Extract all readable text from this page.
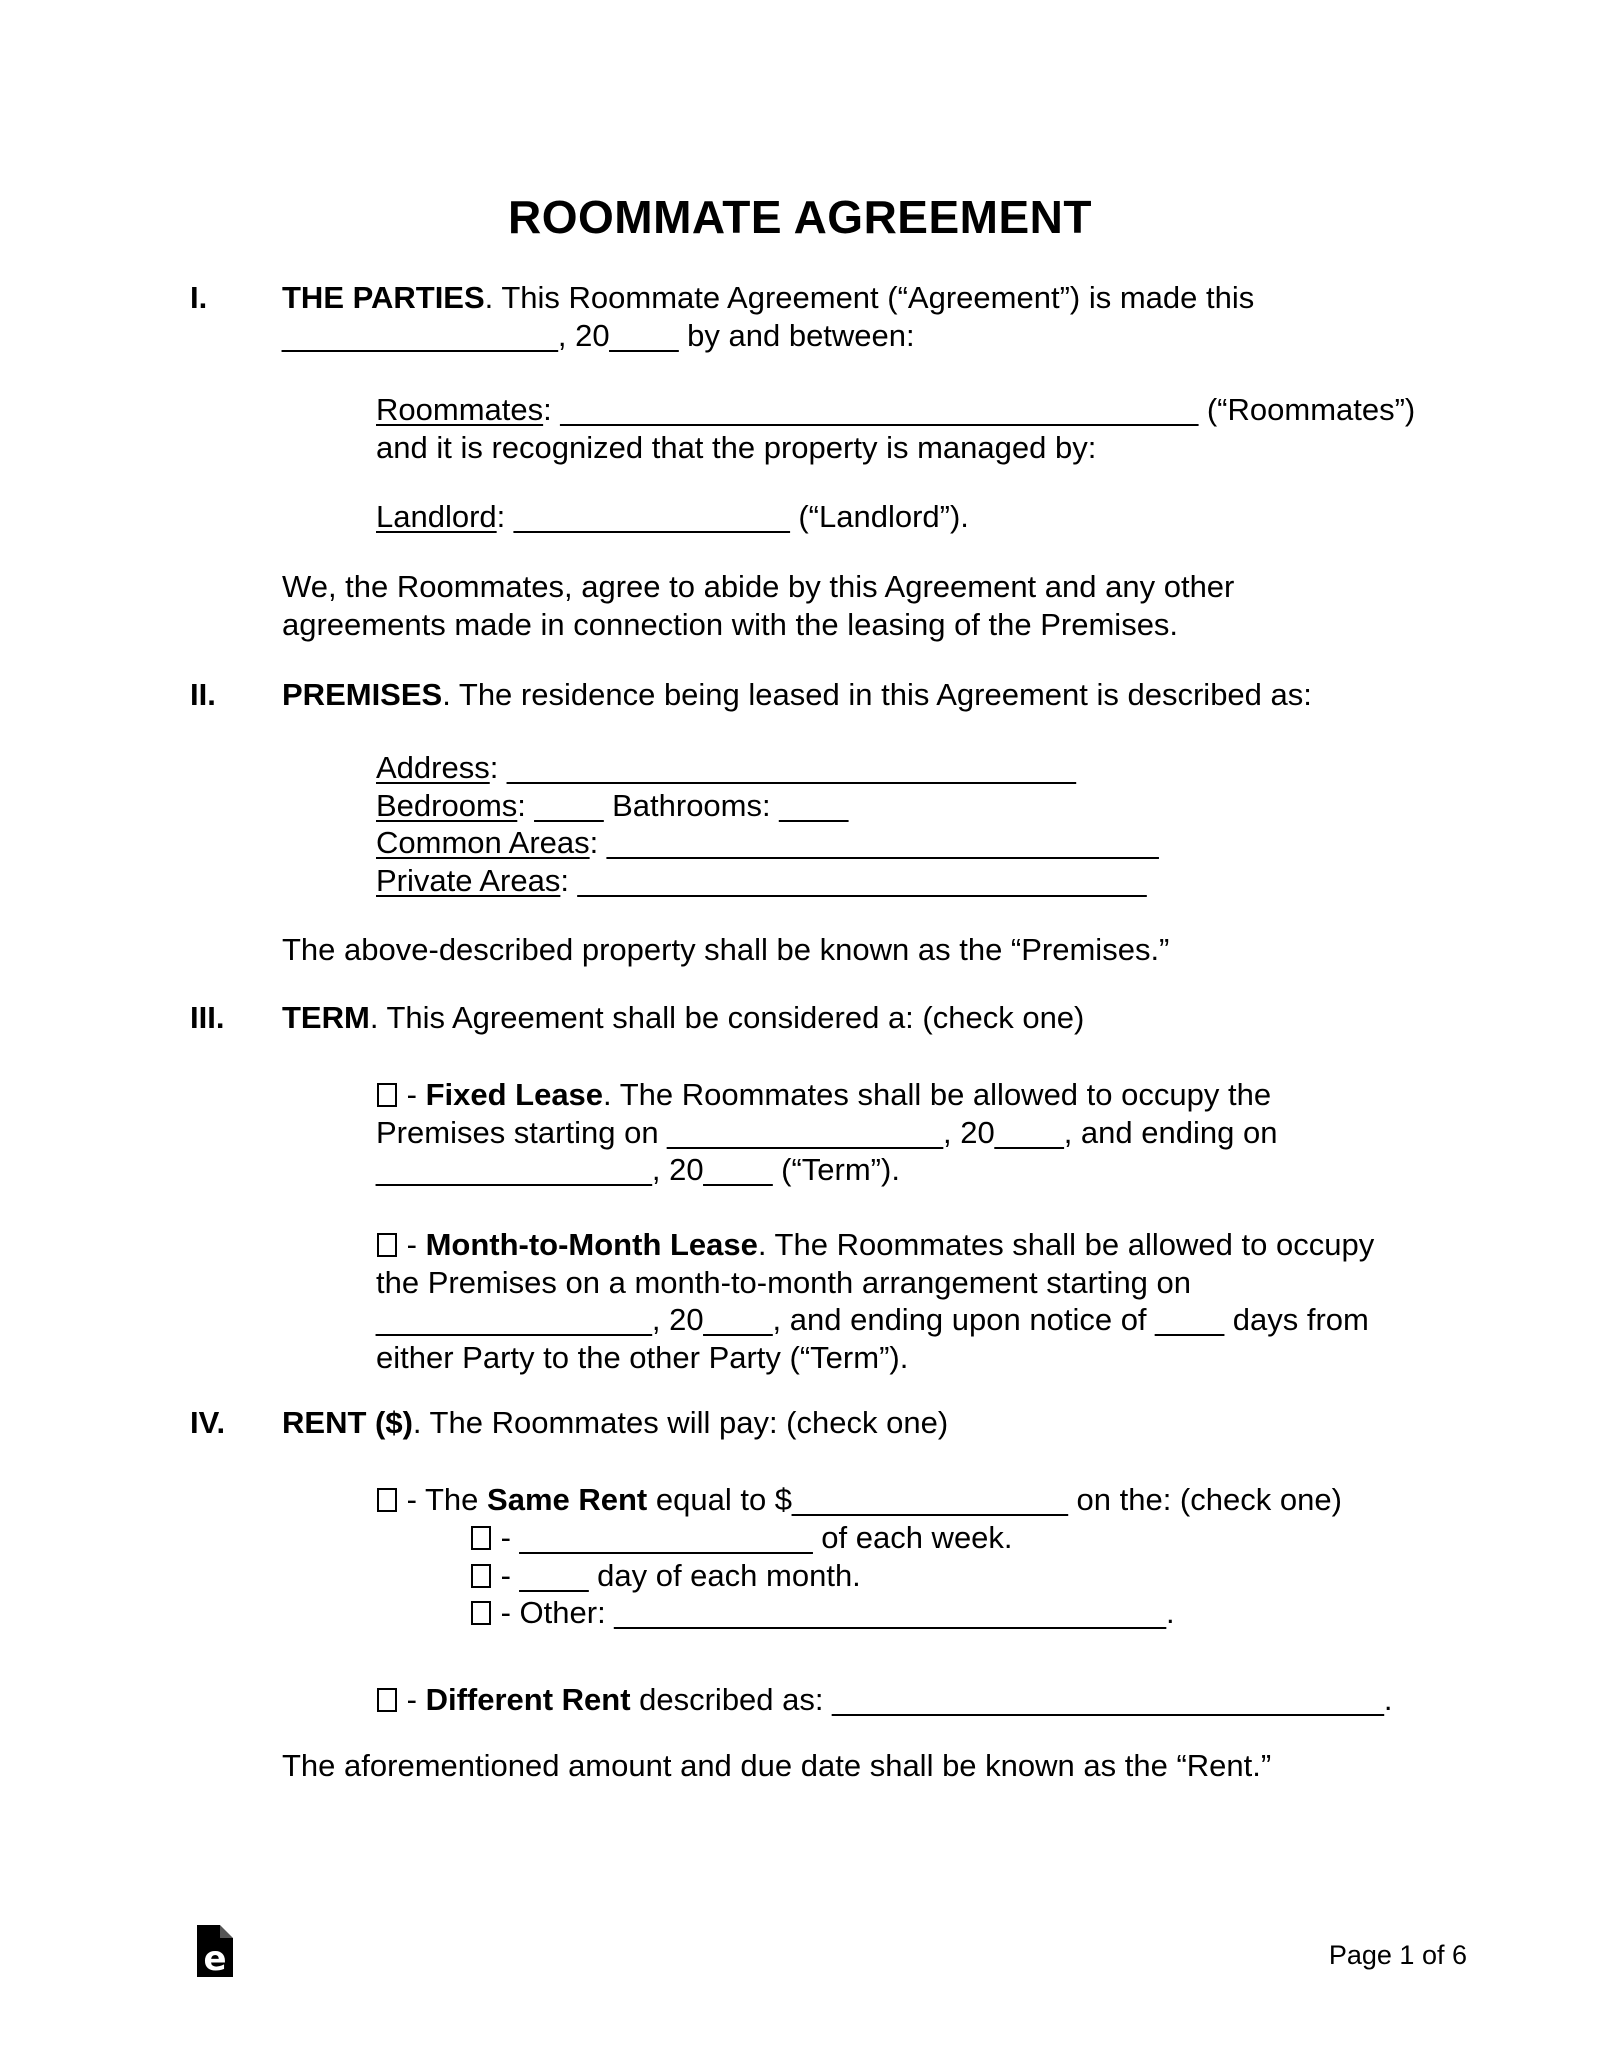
ROOMMATE AGREEMENT
I. THE PARTIES. This Roommate Agreement (“Agreement”) is made this
________________, 20____ by and between:
Roommates: _____________________________________ (“Roommates”)
and it is recognized that the property is managed by:
Landlord: ________________ (“Landlord”).
We, the Roommates, agree to abide by this Agreement and any other
agreements made in connection with the leasing of the Premises.
II. PREMISES. The residence being leased in this Agreement is described as:
Address: _________________________________
Bedrooms: ____ Bathrooms: ____
Common Areas: ________________________________
Private Areas: _________________________________
The above-described property shall be known as the “Premises.”
III. TERM. This Agreement shall be considered a: (check one)
- Fixed Lease. The Roommates shall be allowed to occupy the
Premises starting on ________________, 20____, and ending on
________________, 20____ (“Term”).
- Month-to-Month Lease. The Roommates shall be allowed to occupy
the Premises on a month-to-month arrangement starting on
________________, 20____, and ending upon notice of ____ days from
either Party to the other Party (“Term”).
IV. RENT ($). The Roommates will pay: (check one)
- The Same Rent equal to $________________ on the: (check one)
- _________________ of each week.
- ____ day of each month.
- Other: ________________________________.
- Different Rent described as: ________________________________.
The aforementioned amount and due date shall be known as the “Rent.”
e	Page 1 of 6
